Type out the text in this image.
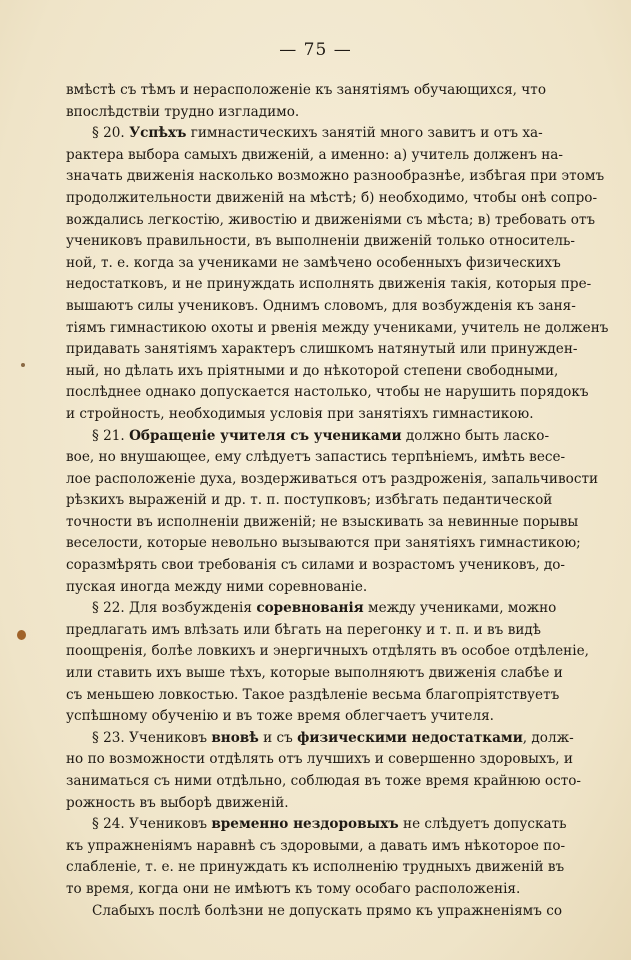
— 75 —
вмѣстѣ съ тѣмъ и нерасположеніе къ занятіямъ обучающихся, что
впослѣдствіи трудно изгладимо.
§ 20. Успѣхъ гимнастическихъ занятій много завитъ и отъ ха-
рактера выбора самыхъ движеній, а именно: а) учитель долженъ на-
значать движенія насколько возможно разнообразнѣе, избѣгая при этомъ
продолжительности движеній на мѣстѣ; б) необходимо, чтобы онѣ сопро-
вождались легкостію, живостію и движеніями съ мѣста; в) требовать отъ
учениковъ правильности, въ выполненіи движеній только относитель-
ной, т. е. когда за учениками не замѣчено особенныхъ физическихъ
недостатковъ, и не принуждать исполнять движенія такія, которыя пре-
вышаютъ силы учениковъ. Однимъ словомъ, для возбужденія къ заня-
тіямъ гимнастикою охоты и рвенія между учениками, учитель не долженъ
придавать занятіямъ характеръ слишкомъ натянутый или принужден-
ный, но дѣлать ихъ пріятными и до нѣкоторой степени свободными,
послѣднее однако допускается настолько, чтобы не нарушить порядокъ
и стройность, необходимыя условія при занятіяхъ гимнастикою.
§ 21. Обращеніе учителя съ учениками должно быть ласко-
вое, но внушающее, ему слѣдуетъ запастись терпѣніемъ, имѣть весе-
лое расположеніе духа, воздерживаться отъ раздроженія, запальчивости
рѣзкихъ выраженій и др. т. п. поступковъ; избѣгать педантической
точности въ исполненіи движеній; не взыскивать за невинные порывы
веселости, которые невольно вызываются при занятіяхъ гимнастикою;
соразмѣрять свои требованія съ силами и возрастомъ учениковъ, до-
пуская иногда между ними соревнованіе.
§ 22. Для возбужденія соревнованія между учениками, можно
предлагать имъ влѣзать или бѣгать на перегонку и т. п. и въ видѣ
поощренія, болѣе ловкихъ и энергичныхъ отдѣлять въ особое отдѣленіе,
или ставить ихъ выше тѣхъ, которые выполняютъ движенія слабѣе и
съ меньшею ловкостью. Такое раздѣленіе весьма благопріятствуетъ
успѣшному обученію и въ тоже время облегчаетъ учителя.
§ 23. Учениковъ вновѣ и съ физическими недостатками, долж-
но по возможности отдѣлять отъ лучшихъ и совершенно здоровыхъ, и
заниматься съ ними отдѣльно, соблюдая въ тоже время крайнюю осто-
рожность въ выборѣ движеній.
§ 24. Учениковъ временно нездоровыхъ не слѣдуетъ допускать
къ упражненіямъ наравнѣ съ здоровыми, а давать имъ нѣкоторое по-
слабленіе, т. е. не принуждать къ исполненію трудныхъ движеній въ
то время, когда они не имѣютъ къ тому особаго расположенія.
Слабыхъ послѣ болѣзни не допускать прямо къ упражненіямъ со
